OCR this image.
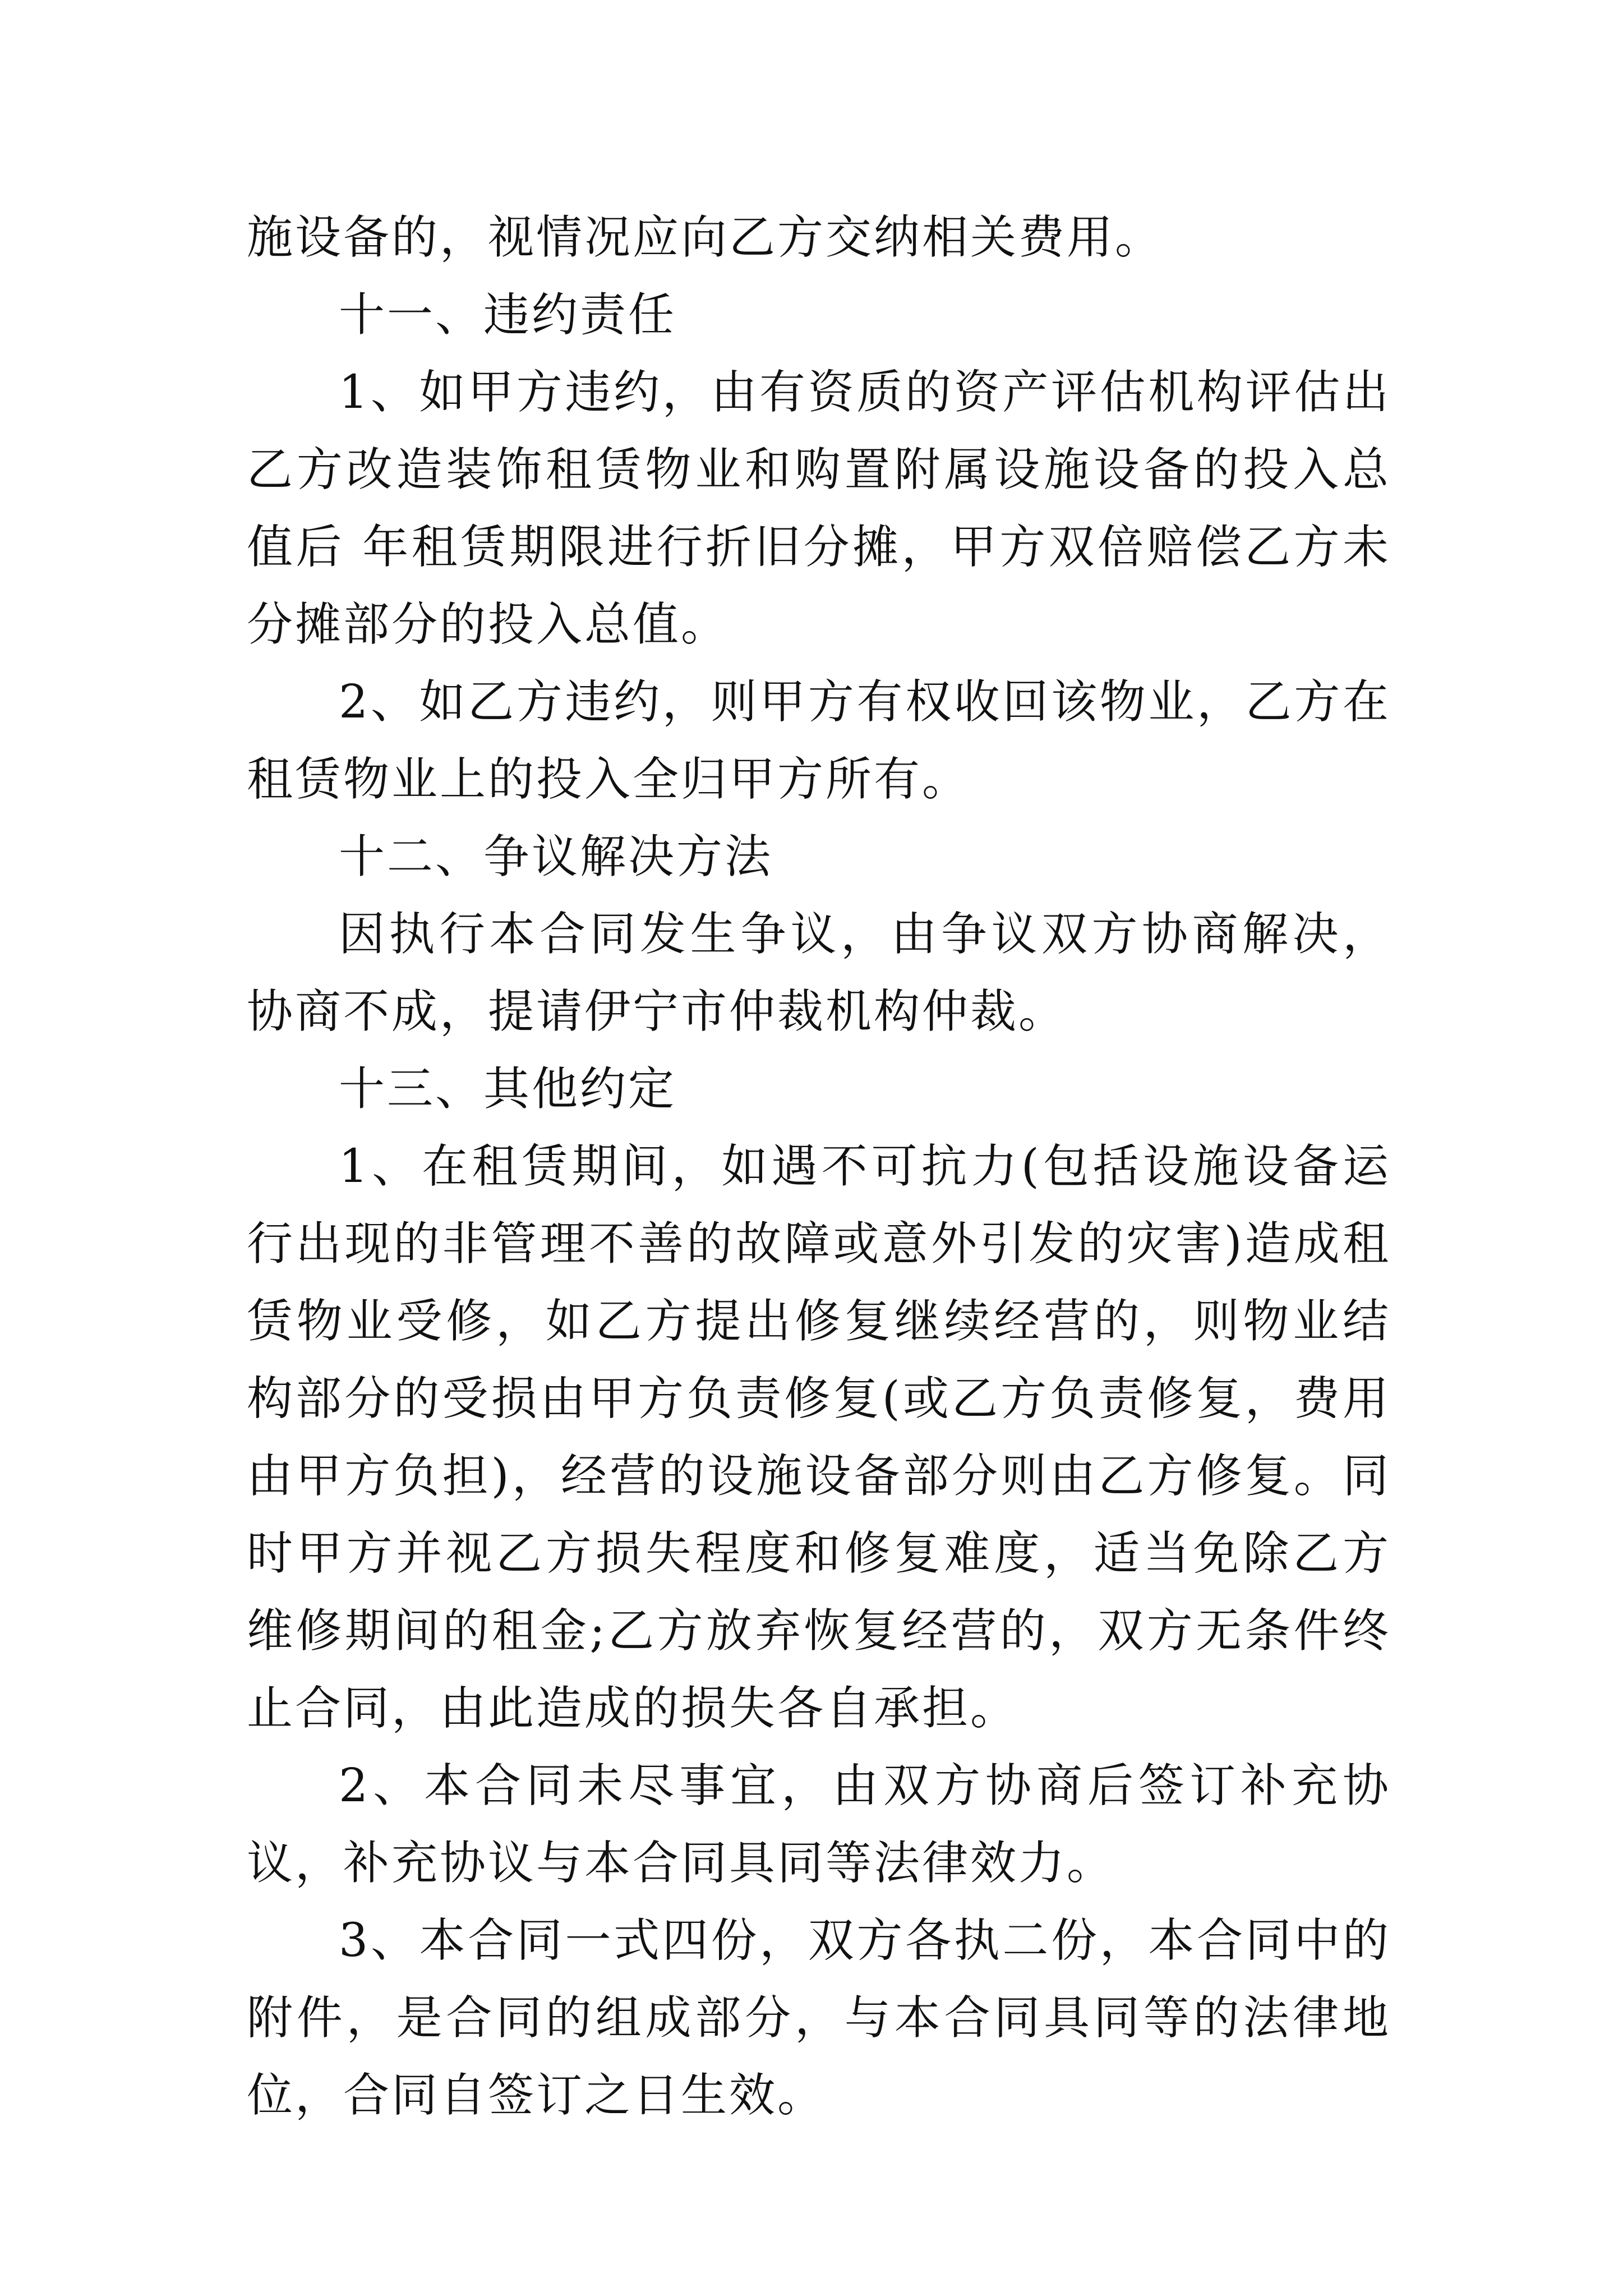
施设备的，视情况应向乙方交纳相关费用。

十一、违约责任

1、如甲方违约，由有资质的资产评估机构评估出乙方改造装饰租赁物业和购置附属设施设备的投入总值后 年租赁期限进行折旧分摊，甲方双倍赔偿乙方未分摊部分的投入总值。

2、如乙方违约，则甲方有权收回该物业，乙方在租赁物业上的投入全归甲方所有。

十二、争议解决方法

因执行本合同发生争议，由争议双方协商解决，协商不成，提请伊宁市仲裁机构仲裁。

十三、其他约定

1、在租赁期间，如遇不可抗力(包括设施设备运行出现的非管理不善的故障或意外引发的灾害)造成租赁物业受修，如乙方提出修复继续经营的，则物业结构部分的受损由甲方负责修复(或乙方负责修复，费用由甲方负担)，经营的设施设备部分则由乙方修复。同时甲方并视乙方损失程度和修复难度，适当免除乙方维修期间的租金;乙方放弃恢复经营的，双方无条件终止合同，由此造成的损失各自承担。

2、本合同未尽事宜，由双方协商后签订补充协议，补充协议与本合同具同等法律效力。

3、本合同一式四份，双方各执二份，本合同中的附件，是合同的组成部分，与本合同具同等的法律地位，合同自签订之日生效。
